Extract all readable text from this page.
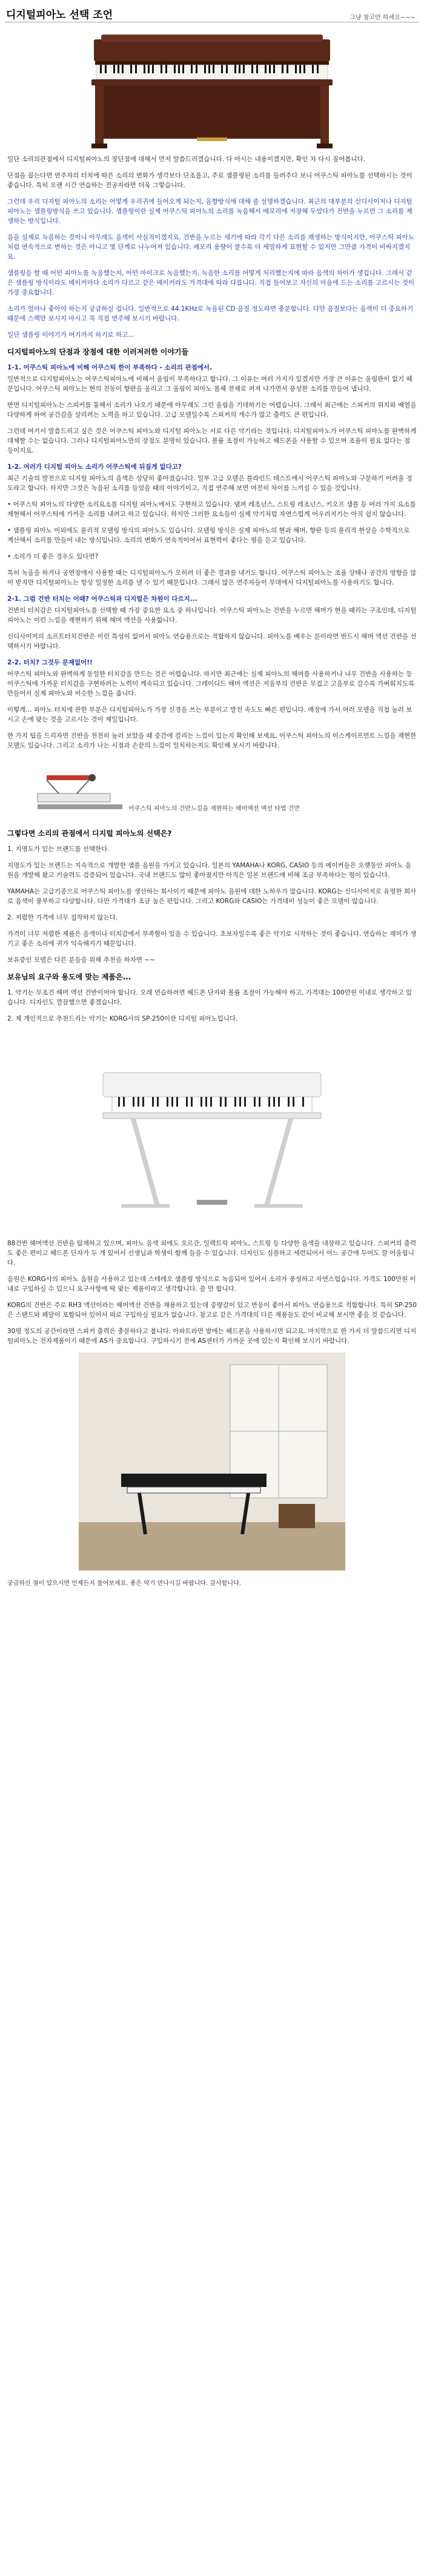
디지털피아노 선택 조언	그냥 참고만 하세요~~~

일단 소리의관점에서 디지털피아노의 장단점에 대해서 먼저 말씀드리겠습니다. 다 아시는 내용이겠지만, 확인 차 다시 짚어봅니다.

단점을 꼽는다면 연주자의 터치에 따른 소리의 변화가 생각보다 단조롭고, 주로 샘플링된 소리를 들려주다 보니 어쿠스틱 피아노를 선택하시는 것이 좋습니다. 특히 오랜 시간 연습하는 전공자라면 더욱 그렇습니다.

그런데 우리 디지털 피아노의 소리는 어떻게 우리귀에 들어오게 되는지, 음향방식에 대해 좀 설명하겠습니다. 최근의 대부분의 신디사이저나 디지털 피아노는 샘플링방식을 쓰고 있습니다. 샘플링이란 실제 어쿠스틱 피아노의 소리를 녹음해서 메모리에 저장해 두었다가 건반을 누르면 그 소리를 재생하는 방식입니다.

음을 실제로 녹음하는 것이니 아무래도 음색이 사실적이겠지요. 건반을 누르는 세기에 따라 각기 다른 소리를 재생하는 방식이지만, 어쿠스틱 피아노처럼 연속적으로 변하는 것은 아니고 몇 단계로 나누어져 있습니다. 메모리 용량이 클수록 더 세밀하게 표현할 수 있지만 그만큼 가격이 비싸지겠지요.

샘플링을 할 때 어떤 피아노를 녹음했는지, 어떤 마이크로 녹음했는지, 녹음한 소리를 어떻게 처리했는지에 따라 음색의 차이가 생깁니다. 그래서 같은 샘플링 방식이라도 메이커마다 소리가 다르고 같은 메이커라도 가격대에 따라 다릅니다. 직접 들어보고 자신의 마음에 드는 소리를 고르시는 것이 가장 중요합니다.

소리가 얼마나 좋아야 하는지 궁금하실 겁니다. 일반적으로 44.1KHz로 녹음된 CD 음질 정도라면 충분합니다. 다만 음질보다는 음색이 더 중요하기 때문에 스펙만 보시지 마시고 꼭 직접 연주해 보시기 바랍니다.

일단 샘플링 이야기가 여기까지 하기로 하고...

디지털피아노의 단점과 장점에 대한 이러저러한 이야기들
1-1. 어쿠스틱 피아노에 비해 어쿠스틱 한이 부족하다 - 소리의 관점에서.

일반적으로 디지털피아노는 어쿠스틱피아노에 비해서 울림이 부족하다고 합니다. 그 이유는 여러 가지가 있겠지만 가장 큰 이유는 울림판이 없기 때문입니다. 어쿠스틱 피아노는 현의 진동이 향판을 울리고 그 울림이 피아노 몸체 전체로 퍼져 나가면서 풍성한 소리를 만들어 냅니다.

반면 디지털피아노는 스피커를 통해서 소리가 나오기 때문에 아무래도 그런 울림을 기대하기는 어렵습니다. 그래서 최근에는 스피커의 위치와 배열을 다양하게 하여 공간감을 살리려는 노력을 하고 있습니다. 고급 모델일수록 스피커의 개수가 많고 출력도 큰 편입니다.

그런데 여기서 말씀드리고 싶은 것은 어쿠스틱 피아노와 디지털 피아노는 서로 다른 악기라는 것입니다. 디지털피아노가 어쿠스틱 피아노를 완벽하게 대체할 수는 없습니다. 그러나 디지털피아노만의 장점도 분명히 있습니다. 볼륨 조절이 가능하고 헤드폰을 사용할 수 있으며 조율이 필요 없다는 점 등이지요.

1-2. 여러가 디지털 피아노 소리가 어쿠스틱에 뒤질게 없다고?

최근 기술의 발전으로 디지털 피아노의 음색은 상당히 좋아졌습니다. 일부 고급 모델은 블라인드 테스트에서 어쿠스틱 피아노와 구분하기 어려울 정도라고 합니다. 하지만 그것은 녹음된 소리를 들었을 때의 이야기이고, 직접 연주해 보면 여전히 차이를 느끼실 수 있을 것입니다.

• 어쿠스틱 피아노의 다양한 소리요소를 디지털 피아노에서도 구현하고 있습니다. 댐퍼 레조넌스, 스트링 레조넌스, 키오프 샘플 등 여러 가지 요소를 재현해서 어쿠스틱에 가까운 소리를 내려고 하고 있습니다. 하지만 그러한 요소들이 실제 악기처럼 자연스럽게 어우러지기는 아직 쉽지 않습니다.

• 샘플링 피아노 이외에도 물리적 모델링 방식의 피아노도 있습니다. 모델링 방식은 실제 피아노의 현과 해머, 향판 등의 물리적 현상을 수학적으로 계산해서 소리를 만들어 내는 방식입니다. 소리의 변화가 연속적이어서 표현력이 좋다는 평을 듣고 있습니다.

• 소리가 더 좋은 경우도 있다면?

특히 녹음을 하거나 공연장에서 사용할 때는 디지털피아노가 오히려 더 좋은 결과를 내기도 합니다. 어쿠스틱 피아노는 조율 상태나 공간의 영향을 많이 받지만 디지털피아노는 항상 일정한 소리를 낼 수 있기 때문입니다. 그래서 많은 연주자들이 무대에서 디지털피아노를 사용하기도 합니다.

2-1. 그럼 건반 터치는 어때? 어쿠스틱과 디지털은 차원이 다르지...

건반의 터치감은 디지털피아노를 선택할 때 가장 중요한 요소 중 하나입니다. 어쿠스틱 피아노는 건반을 누르면 해머가 현을 때리는 구조인데, 디지털피아노는 이런 느낌을 재현하기 위해 해머 액션을 사용합니다.

신디사이저의 소프트터치건반은 이런 특성이 없어서 피아노 연습용으로는 적합하지 않습니다. 피아노를 배우는 분이라면 반드시 해머 액션 건반을 선택하시기 바랍니다.

2-2. 터치? 그것두 문제없어!!

어쿠스틱 피아노와 완벽하게 동일한 터치감을 만드는 것은 어렵습니다. 하지만 최근에는 실제 피아노의 해머를 사용하거나 나무 건반을 사용하는 등 어쿠스틱에 가까운 터치감을 구현하려는 노력이 계속되고 있습니다. 그레이디드 해머 액션은 저음부의 건반은 무겁고 고음부로 갈수록 가벼워지도록 만들어서 실제 피아노와 비슷한 느낌을 줍니다.

이렇게... 피아노 터치에 관한 부분은 디지털피아노가 가장 신경을 쓰는 부분이고 발전 속도도 빠른 편입니다. 매장에 가서 여러 모델을 직접 눌러 보시고 손에 맞는 것을 고르시는 것이 제일입니다.

한 가지 팁을 드리자면 건반을 천천히 눌러 보았을 때 중간에 걸리는 느낌이 있는지 확인해 보세요. 어쿠스틱 피아노의 이스케이프먼트 느낌을 재현한 모델도 있습니다. 그리고 소리가 나는 시점과 손끝의 느낌이 일치하는지도 확인해 보시기 바랍니다.

어쿠스틱 피아노의 건반느낌을 재현하는 해머액션 액션 타법 건반
그렇다면 소리의 관점에서 디지털 피아노의 선택은?

1. 지명도가 있는 브랜드를 선택한다.

지명도가 있는 브랜드는 지속적으로 개발한 샘플 음원을 가지고 있습니다. 일본의 YAMAHA나 KORG, CASIO 등의 메이커들은 오랫동안 피아노 음원을 개발해 왔고 기술력도 검증되어 있습니다. 국내 브랜드도 많이 좋아졌지만 아직은 일본 브랜드에 비해 조금 부족하다는 평이 있습니다.

YAMAHA는 고급기종으로 어쿠스틱 피아노를 생산하는 회사이기 때문에 피아노 음원에 대한 노하우가 많습니다. KORG는 신디사이저로 유명한 회사로 음색이 풍부하고 다양합니다. 다만 가격대가 조금 높은 편입니다. 그리고 KORG와 CASIO는 가격대비 성능이 좋은 모델이 많습니다.

2. 저렴한 가격에 너무 집착하지 않는다.

가격이 너무 저렴한 제품은 음색이나 터치감에서 부족함이 있을 수 있습니다. 초보자일수록 좋은 악기로 시작하는 것이 좋습니다. 연습하는 재미가 생기고 좋은 소리에 귀가 익숙해지기 때문입니다.

보유중인 모델은 다른 분들을 위해 추천을 하자면 ~~

보유님의 요구와 용도에 맞는 제품은...

1. 악기는 무조건 해머 액션 건반이어야 합니다. 오래 연습하려면 헤드폰 단자와 볼륨 조절이 가능해야 하고, 가격대는 100만원 이내로 생각하고 있습니다. 디자인도 깔끔했으면 좋겠습니다.

2. 제 개인적으로 추천드리는 악기는 KORG사의 SP-250이란 디지털 피아노입니다.

88건반 해머액션 건반을 탑재하고 있으며, 피아노 음색 외에도 오르간, 일렉트릭 피아노, 스트링 등 다양한 음색을 내장하고 있습니다. 스피커의 출력도 좋은 편이고 헤드폰 단자가 두 개 있어서 선생님과 학생이 함께 들을 수 있습니다. 디자인도 심플하고 세련되어서 어느 공간에 두어도 잘 어울립니다.

음원은 KORG사의 피아노 음원을 사용하고 있는데 스테레오 샘플링 방식으로 녹음되어 있어서 소리가 풍성하고 자연스럽습니다. 가격도 100만원 이내로 구입하실 수 있으니 요구사항에 딱 맞는 제품이라고 생각합니다. 쓸 만 합니다.

KORG의 건반은 주로 RH3 액션이라는 해머액션 건반을 채용하고 있는데 중량감이 있고 반응이 좋아서 피아노 연습용으로 적합합니다. 특히 SP-250은 스탠드와 페달이 포함되어 있어서 따로 구입하실 필요가 없습니다. 참고로 같은 가격대의 다른 제품들도 같이 비교해 보시면 좋을 것 같습니다.

30평 정도의 공간이라면 스피커 출력은 충분하다고 봅니다. 아파트라면 밤에는 헤드폰을 사용하시면 되고요. 마지막으로 한 가지 더 말씀드리면 디지털피아노는 전자제품이기 때문에 AS가 중요합니다. 구입하시기 전에 AS센터가 가까운 곳에 있는지 확인해 보시기 바랍니다.

궁금하신 점이 있으시면 언제든지 물어보세요. 좋은 악기 만나시길 바랍니다. 감사합니다.
